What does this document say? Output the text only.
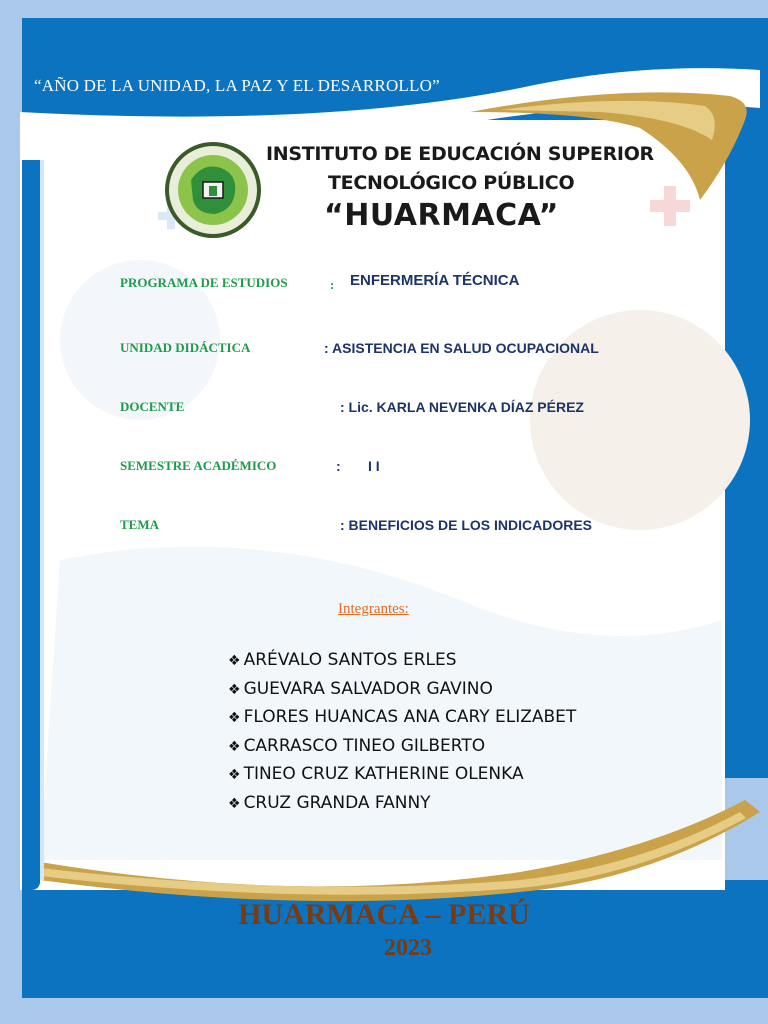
“AÑO DE LA UNIDAD, LA PAZ Y EL DESARROLLO”
INSTITUTO DE EDUCACIÓN SUPERIOR
TECNOLÓGICO PÚBLICO
“HUARMACA”
PROGRAMA DE ESTUDIOS	: ENFERMERÍA TÉCNICA
UNIDAD DIDÁCTICA	: ASISTENCIA EN SALUD OCUPACIONAL
DOCENTE	: Lic. KARLA NEVENKA DÍAZ PÉREZ
SEMESTRE ACADÉMICO	: I I
TEMA	: BENEFICIOS DE LOS INDICADORES
Integrantes:
❖ ARÉVALO SANTOS ERLES
❖ GUEVARA SALVADOR GAVINO
❖ FLORES HUANCAS ANA CARY ELIZABET
❖ CARRASCO TINEO GILBERTO
❖ TINEO CRUZ KATHERINE OLENKA
❖ CRUZ GRANDA FANNY
HUARMACA – PERÚ
2023
